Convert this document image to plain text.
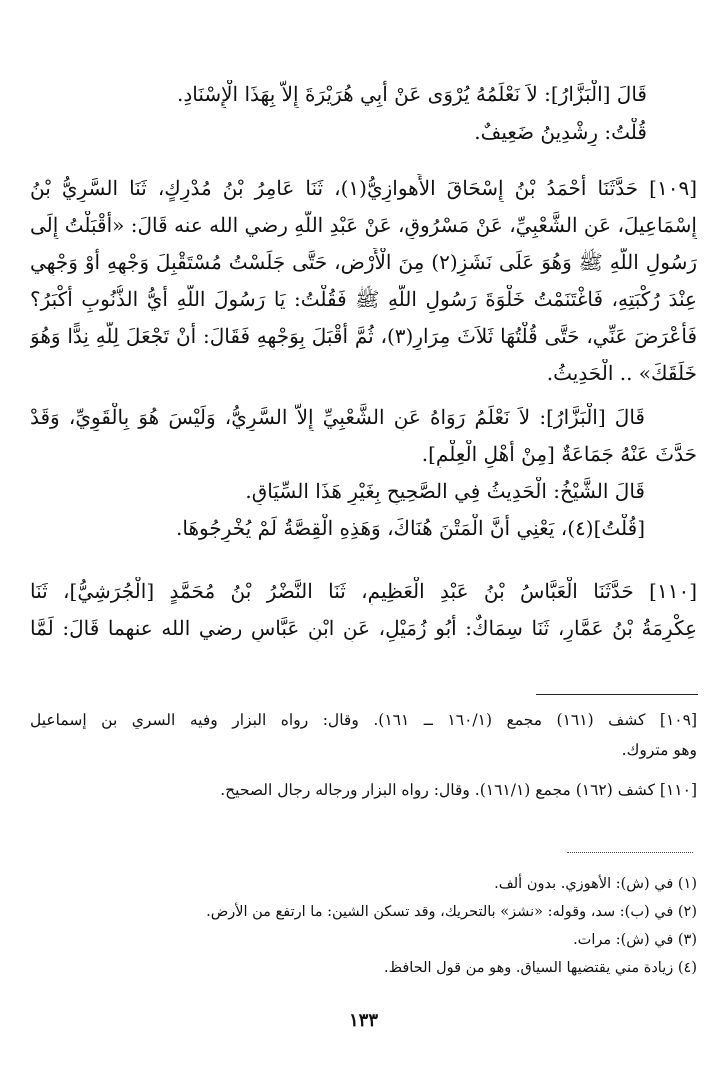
قَالَ [الْبَزَّارُ]: لاَ نَعْلَمُهُ يُرْوَى عَنْ أَبِي هُرَيْرَةَ إِلاَّ بِهَذَا الْإِسْنَادِ.
قُلْتُ: رِشْدِينُ ضَعِيفٌ.
[١٠٩] حَدَّثَنَا أَحْمَدُ بْنُ إِسْحَاقَ الأَهوازِيُّ(١)، ثَنَا عَامِرُ بْنُ مُدْرِكٍ، ثَنَا السَّرِيُّ بْنُ
إِسْمَاعِيلَ، عَنِ الشَّعْبِيِّ، عَنْ مَسْرُوقٍ، عَنْ عَبْدِ اللَّهِ رضي الله عنه قَالَ: «أَقْبَلْتُ إِلَى
رَسُولِ اللَّهِ ﷺ وَهُوَ عَلَى نَشَزٍ(٢) مِنَ الْأَرْضِ، حَتَّى جَلَسْتُ مُسْتَقْبِلَ وَجْهِهِ أَوْ وَجْهِي
عِنْدَ رُكْبَتِهِ، فَاغْتَنَمْتُ خَلْوَةَ رَسُولِ اللَّهِ ﷺ فَقُلْتُ: يَا رَسُولَ اللَّهِ أَيُّ الذُّنُوبِ أَكْبَرُ؟
فَأَعْرَضَ عَنِّي، حَتَّى قُلْتُهَا ثَلاَثَ مِرَارٍ(٣)، ثُمَّ أَقْبَلَ بِوَجْهِهِ فَقَالَ: أَنْ تَجْعَلَ لِلَّهِ نِدًّا وَهُوَ
خَلَقَكَ» .. الْحَدِيثُ.
قَالَ [الْبَزَّارُ]: لاَ نَعْلَمُ رَوَاهُ عَنِ الشَّعْبِيِّ إِلاَّ السَّرِيُّ، وَلَيْسَ هُوَ بِالْقَوِيِّ، وَقَدْ
حَدَّثَ عَنْهُ جَمَاعَةٌ [مِنْ أَهْلِ الْعِلْمِ].
قَالَ الشَّيْخُ: الْحَدِيثُ فِي الصَّحِيحِ بِغَيْرِ هَذَا السِّيَاقِ.
[قُلْتُ](٤)، يَعْنِي أَنَّ الْمَتْنَ هُنَاكَ، وَهَذِهِ الْقِصَّةُ لَمْ يُخْرِجُوهَا.
[١١٠] حَدَّثَنَا الْعَبَّاسُ بْنُ عَبْدِ الْعَظِيمِ، ثَنَا النَّضْرُ بْنُ مُحَمَّدٍ [الْجُرَشِيُّ]، ثَنَا
عِكْرِمَةُ بْنُ عَمَّارٍ، ثَنَا سِمَاكٌ: أَبُو زُمَيْلٍ، عَنِ ابْنِ عَبَّاسٍ رضي الله عنهما قَالَ: لَمَّا
[١٠٩] كشف (١٦١) مجمع (١٦٠/١ ــ ١٦١). وقال: رواه البزار وفيه السري بن إسماعيل
وهو متروك.
[١١٠] كشف (١٦٢) مجمع (١٦١/١). وقال: رواه البزار ورجاله رجال الصحيح.
(١) في (ش): الأهوزي. بدون ألف.
(٢) في (ب): سد، وقوله: «نشز» بالتحريك، وقد تسكن الشين: ما ارتفع من الأرض.
(٣) في (ش): مرات.
(٤) زيادة مني يقتضيها السياق. وهو من قول الحافظ.
١٣٣
